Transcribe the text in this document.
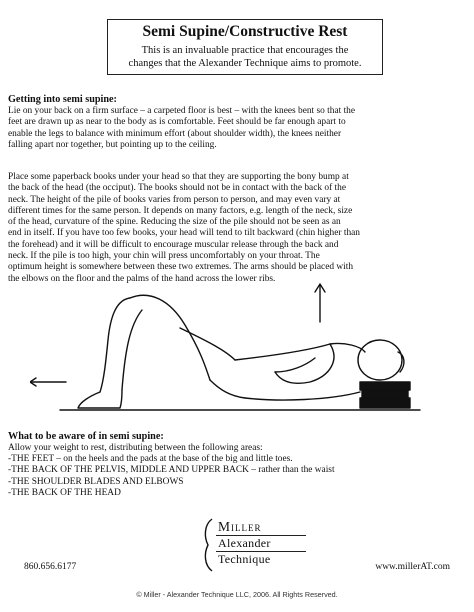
Semi Supine/Constructive Rest

This is an invaluable practice that encourages the

changes that the Alexander Technique aims to promote.

Getting into semi supine:
Lie on your back on a firm surface – a carpeted floor is best – with the knees bent so that the
feet are drawn up as near to the body as is comfortable. Feet should be far enough apart to
enable the legs to balance with minimum effort (about shoulder width), the knees neither
falling apart nor together, but pointing up to the ceiling.
Place some paperback books under your head so that they are supporting the bony bump at
the back of the head (the occiput). The books should not be in contact with the back of the
neck. The height of the pile of books varies from person to person, and may even vary at
different times for the same person. It depends on many factors, e.g. length of the neck, size
of the head, curvature of the spine. Reducing the size of the pile should not be seen as an
end in itself. If you have too few books, your head will tend to tilt backward (chin higher than
the forehead) and it will be difficult to encourage muscular release through the back and
neck. If the pile is too high, your chin will press uncomfortably on your throat. The
optimum height is somewhere between these two extremes. The arms should be placed with
the elbows on the floor and the palms of the hand across the lower ribs.
What to be aware of in semi supine:
Allow your weight to rest, distributing between the following areas:
-THE FEET – on the heels and the pads at the base of the big and little toes.
-THE BACK OF THE PELVIS, MIDDLE AND UPPER BACK – rather than the waist
-THE SHOULDER BLADES AND ELBOWS
-THE BACK OF THE HEAD
860.656.6177	www.millerAT.com
Miller
Alexander
Technique
© Miller - Alexander Technique LLC, 2006. All Rights Reserved.
